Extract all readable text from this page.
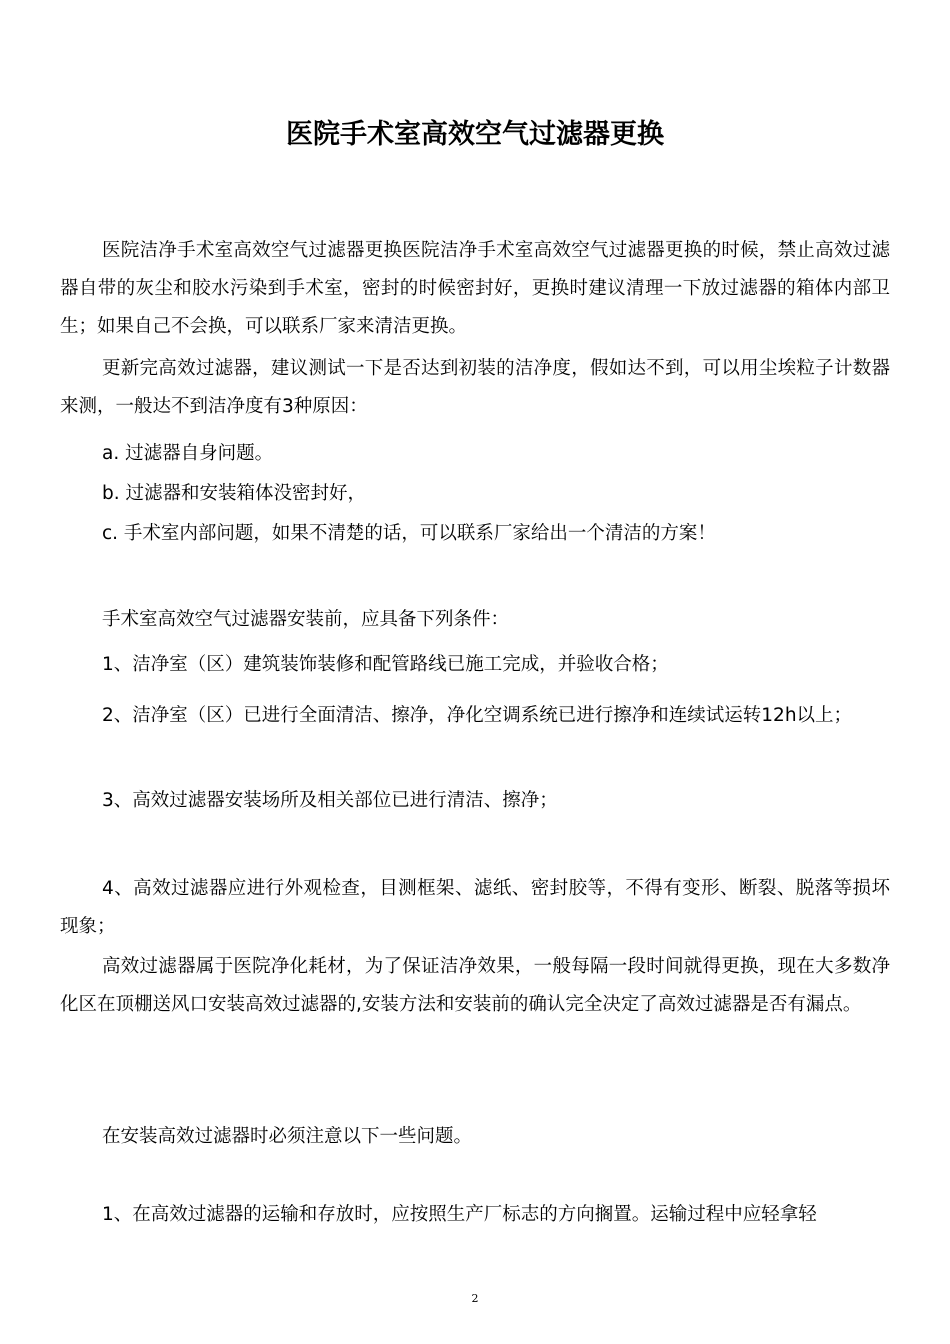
医院手术室高效空气过滤器更换
医院洁净手术室高效空气过滤器更换医院洁净手术室高效空气过滤器更换的时候，禁止高效过滤器自带的灰尘和胶水污染到手术室，密封的时候密封好，更换时建议清理一下放过滤器的箱体内部卫生；如果自己不会换，可以联系厂家来清洁更换。
更新完高效过滤器，建议测试一下是否达到初装的洁净度，假如达不到，可以用尘埃粒子计数器来测，一般达不到洁净度有3种原因：
a. 过滤器自身问题。
b. 过滤器和安装箱体没密封好，
c. 手术室内部问题，如果不清楚的话，可以联系厂家给出一个清洁的方案！
手术室高效空气过滤器安装前，应具备下列条件：
1、洁净室（区）建筑装饰装修和配管路线已施工完成，并验收合格；
2、洁净室（区）已进行全面清洁、擦净，净化空调系统已进行擦净和连续试运转12h以上；
3、高效过滤器安装场所及相关部位已进行清洁、擦净；
4、高效过滤器应进行外观检查，目测框架、滤纸、密封胶等，不得有变形、断裂、脱落等损坏现象；
高效过滤器属于医院净化耗材，为了保证洁净效果，一般每隔一段时间就得更换，现在大多数净化区在顶棚送风口安装高效过滤器的,安装方法和安装前的确认完全决定了高效过滤器是否有漏点。
在安装高效过滤器时必须注意以下一些问题。
1、在高效过滤器的运输和存放时，应按照生产厂标志的方向搁置。运输过程中应轻拿轻
2
